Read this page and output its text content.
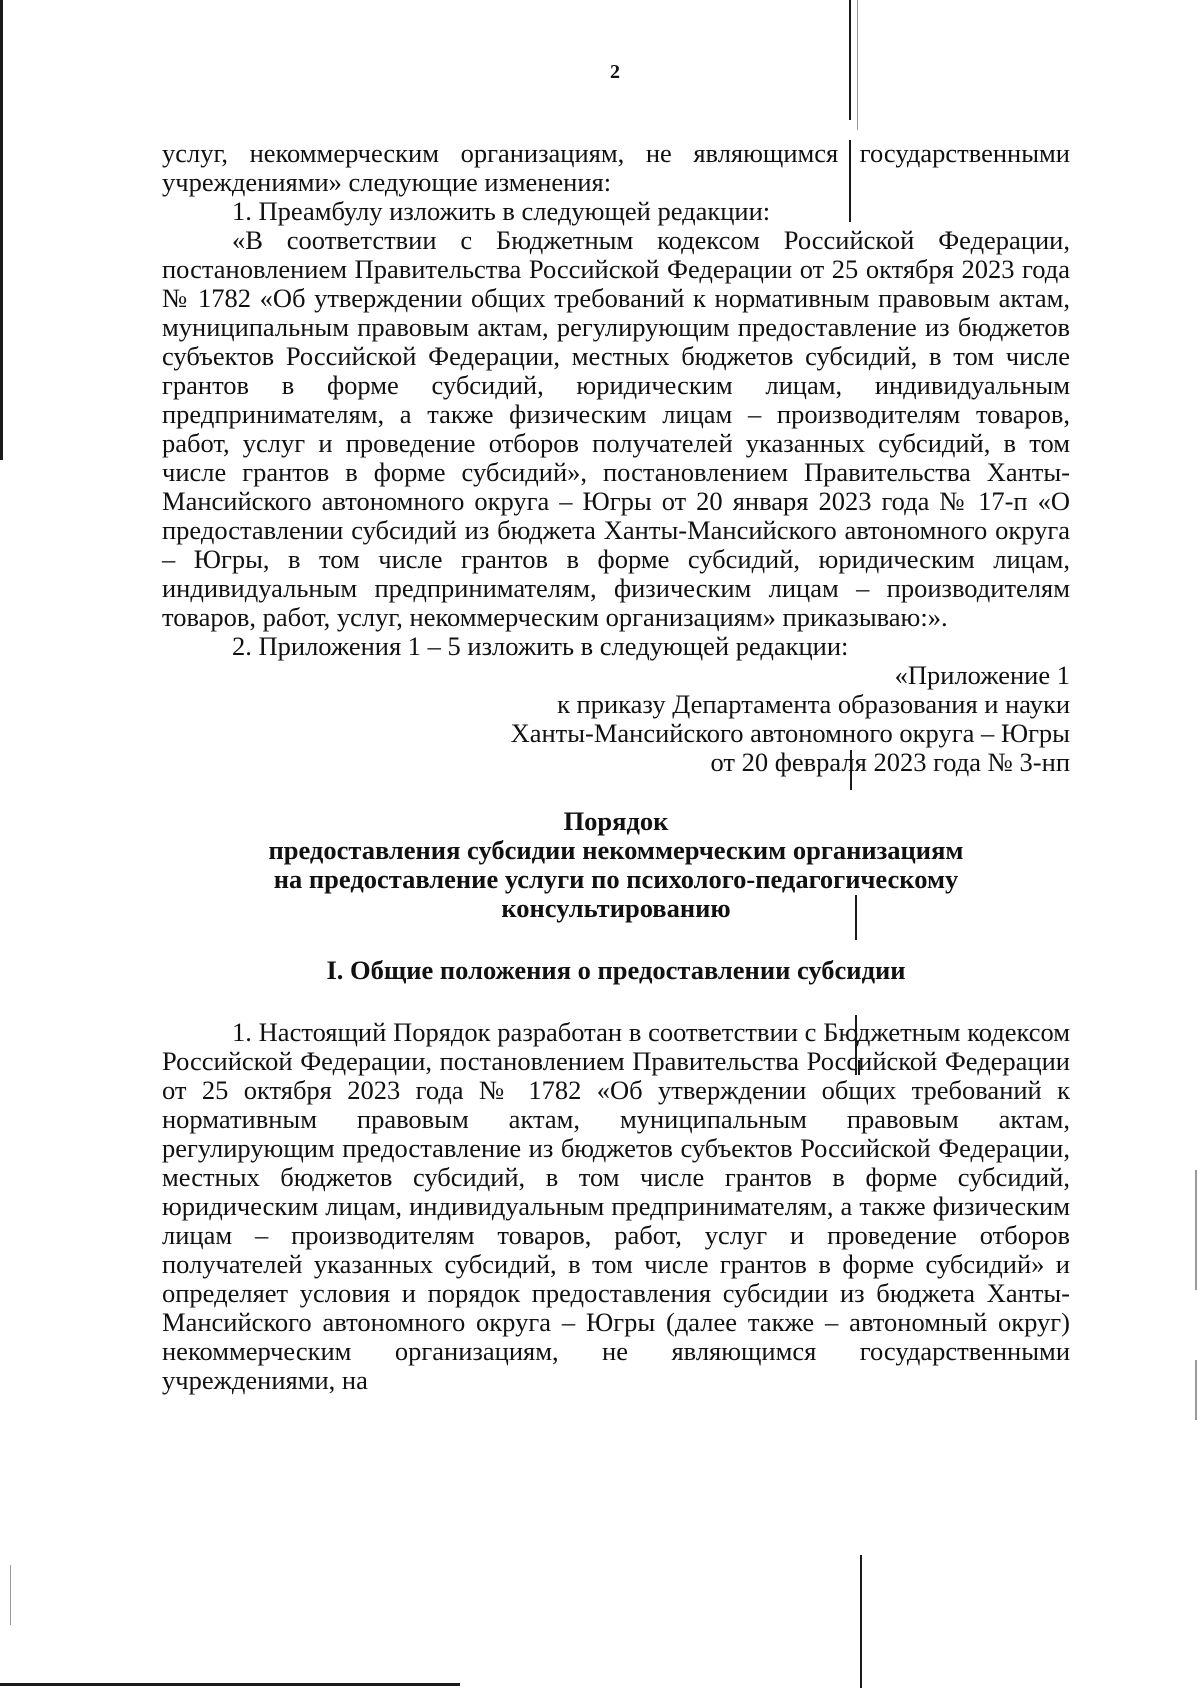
2

услуг, некоммерческим организациям, не являющимся государственными учреждениями» следующие изменения:

1. Преамбулу изложить в следующей редакции:

«В соответствии с Бюджетным кодексом Российской Федерации, постановлением Правительства Российской Федерации от 25 октября 2023 года № 1782 «Об утверждении общих требований к нормативным правовым актам, муниципальным правовым актам, регулирующим предоставление из бюджетов субъектов Российской Федерации, местных бюджетов субсидий, в том числе грантов в форме субсидий, юридическим лицам, индивидуальным предпринимателям, а также физическим лицам – производителям товаров, работ, услуг и проведение отборов получателей указанных субсидий, в том числе грантов в форме субсидий», постановлением Правительства Ханты-Мансийского автономного округа – Югры от 20 января 2023 года № 17-п «О предоставлении субсидий из бюджета Ханты-Мансийского автономного округа – Югры, в том числе грантов в форме субсидий, юридическим лицам, индивидуальным предпринимателям, физическим лицам – производителям товаров, работ, услуг, некоммерческим организациям» приказываю:».

2. Приложения 1 – 5 изложить в следующей редакции:

«Приложение 1
к приказу Департамента образования и науки
Ханты-Мансийского автономного округа – Югры
от 20 февраля 2023 года № 3-нп
Порядок
предоставления субсидии некоммерческим организациям
на предоставление услуги по психолого-педагогическому
консультированию
I. Общие положения о предоставлении субсидии

1. Настоящий Порядок разработан в соответствии с Бюджетным кодексом Российской Федерации, постановлением Правительства Российской Федерации от 25 октября 2023 года № 1782 «Об утверждении общих требований к нормативным правовым актам, муниципальным правовым актам, регулирующим предоставление из бюджетов субъектов Российской Федерации, местных бюджетов субсидий, в том числе грантов в форме субсидий, юридическим лицам, индивидуальным предпринимателям, а также физическим лицам – производителям товаров, работ, услуг и проведение отборов получателей указанных субсидий, в том числе грантов в форме субсидий» и определяет условия и порядок предоставления субсидии из бюджета Ханты-Мансийского автономного округа – Югры (далее также – автономный округ) некоммерческим организациям, не являющимся государственными учреждениями, на
